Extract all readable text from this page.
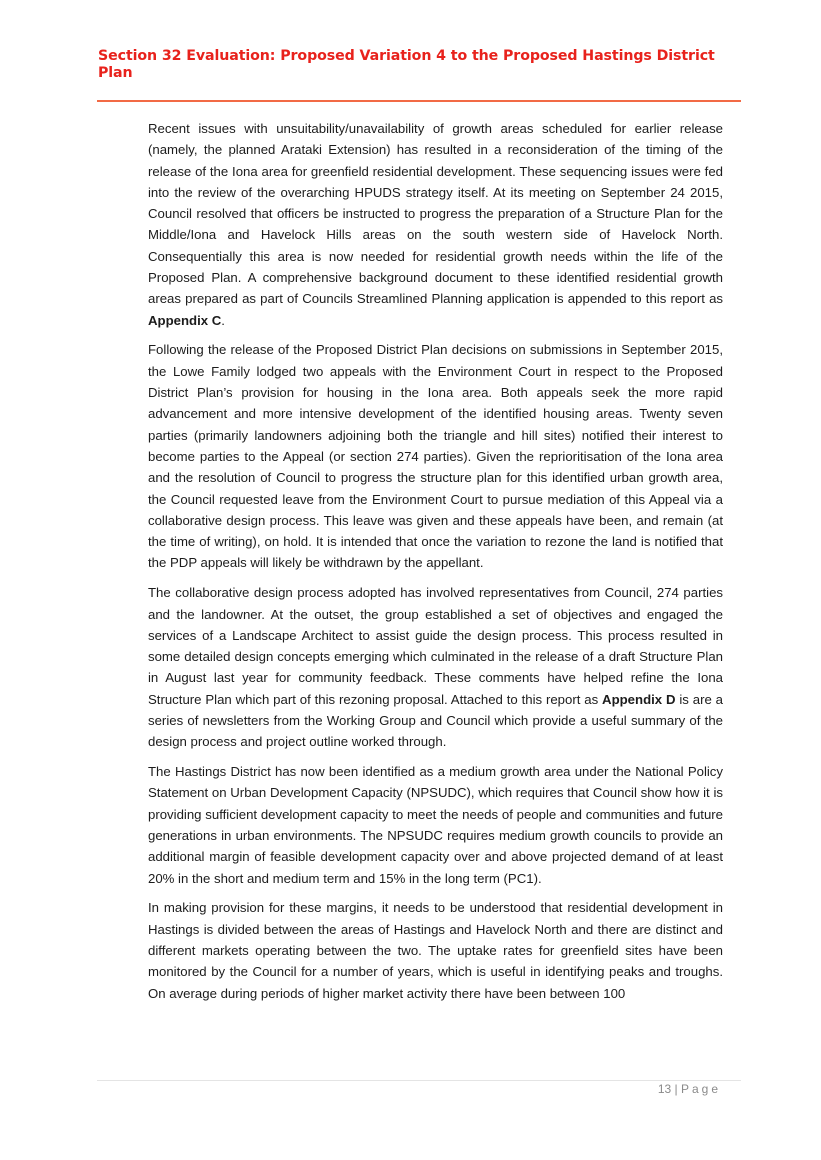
Section 32 Evaluation: Proposed Variation 4 to the Proposed Hastings District Plan

Recent issues with unsuitability/unavailability of growth areas scheduled for earlier release (namely, the planned Arataki Extension) has resulted in a reconsideration of the timing of the release of the Iona area for greenfield residential development. These sequencing issues were fed into the review of the overarching HPUDS strategy itself. At its meeting on September 24 2015, Council resolved that officers be instructed to progress the preparation of a Structure Plan for the Middle/Iona and Havelock Hills areas on the south western side of Havelock North. Consequentially this area is now needed for residential growth needs within the life of the Proposed Plan. A comprehensive background document to these identified residential growth areas prepared as part of Councils Streamlined Planning application is appended to this report as Appendix C.

Following the release of the Proposed District Plan decisions on submissions in September 2015, the Lowe Family lodged two appeals with the Environment Court in respect to the Proposed District Plan’s provision for housing in the Iona area. Both appeals seek the more rapid advancement and more intensive development of the identified housing areas. Twenty seven parties (primarily landowners adjoining both the triangle and hill sites) notified their interest to become parties to the Appeal (or section 274 parties). Given the reprioritisation of the Iona area and the resolution of Council to progress the structure plan for this identified urban growth area, the Council requested leave from the Environment Court to pursue mediation of this Appeal via a collaborative design process. This leave was given and these appeals have been, and remain (at the time of writing), on hold. It is intended that once the variation to rezone the land is notified that the PDP appeals will likely be withdrawn by the appellant.

The collaborative design process adopted has involved representatives from Council, 274 parties and the landowner. At the outset, the group established a set of objectives and engaged the services of a Landscape Architect to assist guide the design process. This process resulted in some detailed design concepts emerging which culminated in the release of a draft Structure Plan in August last year for community feedback. These comments have helped refine the Iona Structure Plan which part of this rezoning proposal. Attached to this report as Appendix D is are a series of newsletters from the Working Group and Council which provide a useful summary of the design process and project outline worked through.

The Hastings District has now been identified as a medium growth area under the National Policy Statement on Urban Development Capacity (NPSUDC), which requires that Council show how it is providing sufficient development capacity to meet the needs of people and communities and future generations in urban environments. The NPSUDC requires medium growth councils to provide an additional margin of feasible development capacity over and above projected demand of at least 20% in the short and medium term and 15% in the long term (PC1).

In making provision for these margins, it needs to be understood that residential development in Hastings is divided between the areas of Hastings and Havelock North and there are distinct and different markets operating between the two. The uptake rates for greenfield sites have been monitored by the Council for a number of years, which is useful in identifying peaks and troughs. On average during periods of higher market activity there have been between 100

13 | Page
